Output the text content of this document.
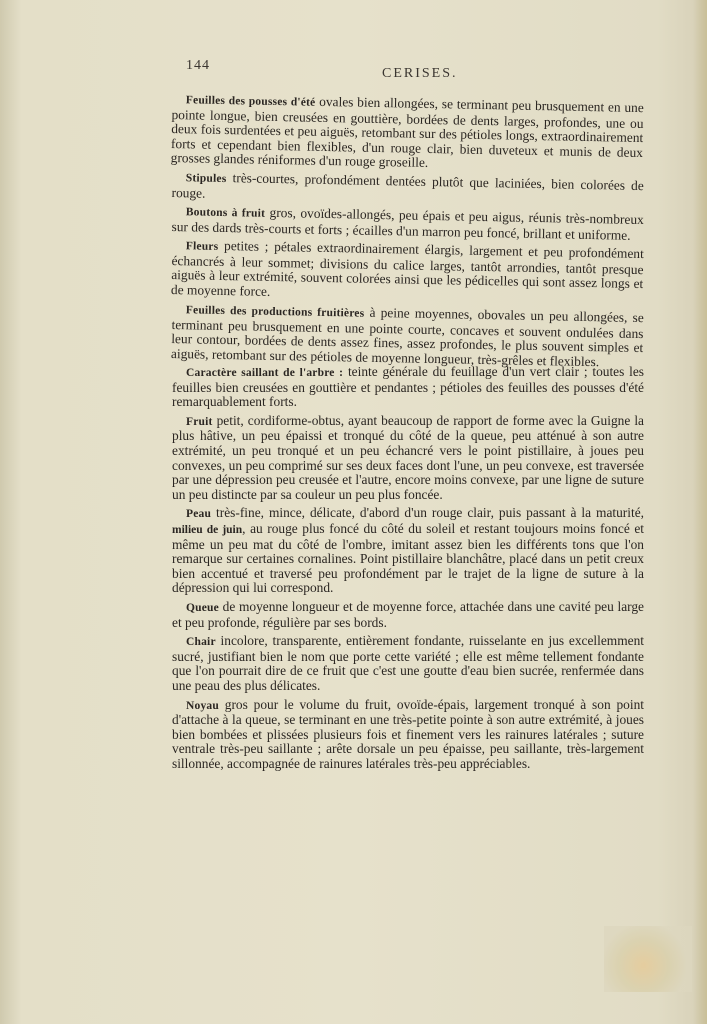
144
CERISES.

Feuilles des pousses d'été ovales bien allongées, se terminant peu brusquement en une pointe longue, bien creusées en gouttière, bordées de dents larges, profondes, une ou deux fois surdentées et peu aiguës, retombant sur des pétioles longs, extraordinairement forts et cependant bien flexibles, d'un rouge clair, bien duveteux et munis de deux grosses glandes réniformes d'un rouge groseille.

Stipules très-courtes, profondément dentées plutôt que laciniées, bien colorées de rouge.

Boutons à fruit gros, ovoïdes-allongés, peu épais et peu aigus, réunis très-nombreux sur des dards très-courts et forts ; écailles d'un marron peu foncé, brillant et uniforme.

Fleurs petites ; pétales extraordinairement élargis, largement et peu profondément échancrés à leur sommet; divisions du calice larges, tantôt arrondies, tantôt presque aiguës à leur extrémité, souvent colorées ainsi que les pédicelles qui sont assez longs et de moyenne force.

Feuilles des productions fruitières à peine moyennes, obovales un peu allongées, se terminant peu brusquement en une pointe courte, concaves et souvent ondulées dans leur contour, bordées de dents assez fines, assez profondes, le plus souvent simples et aiguës, retombant sur des pétioles de moyenne longueur, très-grêles et flexibles.

Caractère saillant de l'arbre : teinte générale du feuillage d'un vert clair ; toutes les feuilles bien creusées en gouttière et pendantes ; pétioles des feuilles des pousses d'été remarquablement forts.

Fruit petit, cordiforme-obtus, ayant beaucoup de rapport de forme avec la Guigne la plus hâtive, un peu épaissi et tronqué du côté de la queue, peu atténué à son autre extrémité, un peu tronqué et un peu échancré vers le point pistillaire, à joues peu convexes, un peu comprimé sur ses deux faces dont l'une, un peu convexe, est traversée par une dépression peu creusée et l'autre, encore moins convexe, par une ligne de suture un peu distincte par sa couleur un peu plus foncée.

Peau très-fine, mince, délicate, d'abord d'un rouge clair, puis passant à la maturité, milieu de juin, au rouge plus foncé du côté du soleil et restant toujours moins foncé et même un peu mat du côté de l'ombre, imitant assez bien les différents tons que l'on remarque sur certaines cornalines. Point pistillaire blanchâtre, placé dans un petit creux bien accentué et traversé peu profondément par le trajet de la ligne de suture à la dépression qui lui correspond.

Queue de moyenne longueur et de moyenne force, attachée dans une cavité peu large et peu profonde, régulière par ses bords.

Chair incolore, transparente, entièrement fondante, ruisselante en jus excellemment sucré, justifiant bien le nom que porte cette variété ; elle est même tellement fondante que l'on pourrait dire de ce fruit que c'est une goutte d'eau bien sucrée, renfermée dans une peau des plus délicates.

Noyau gros pour le volume du fruit, ovoïde-épais, largement tronqué à son point d'attache à la queue, se terminant en une très-petite pointe à son autre extrémité, à joues bien bombées et plissées plusieurs fois et finement vers les rainures latérales ; suture ventrale très-peu saillante ; arête dorsale un peu épaisse, peu saillante, très-largement sillonnée, accompagnée de rainures latérales très-peu appréciables.
